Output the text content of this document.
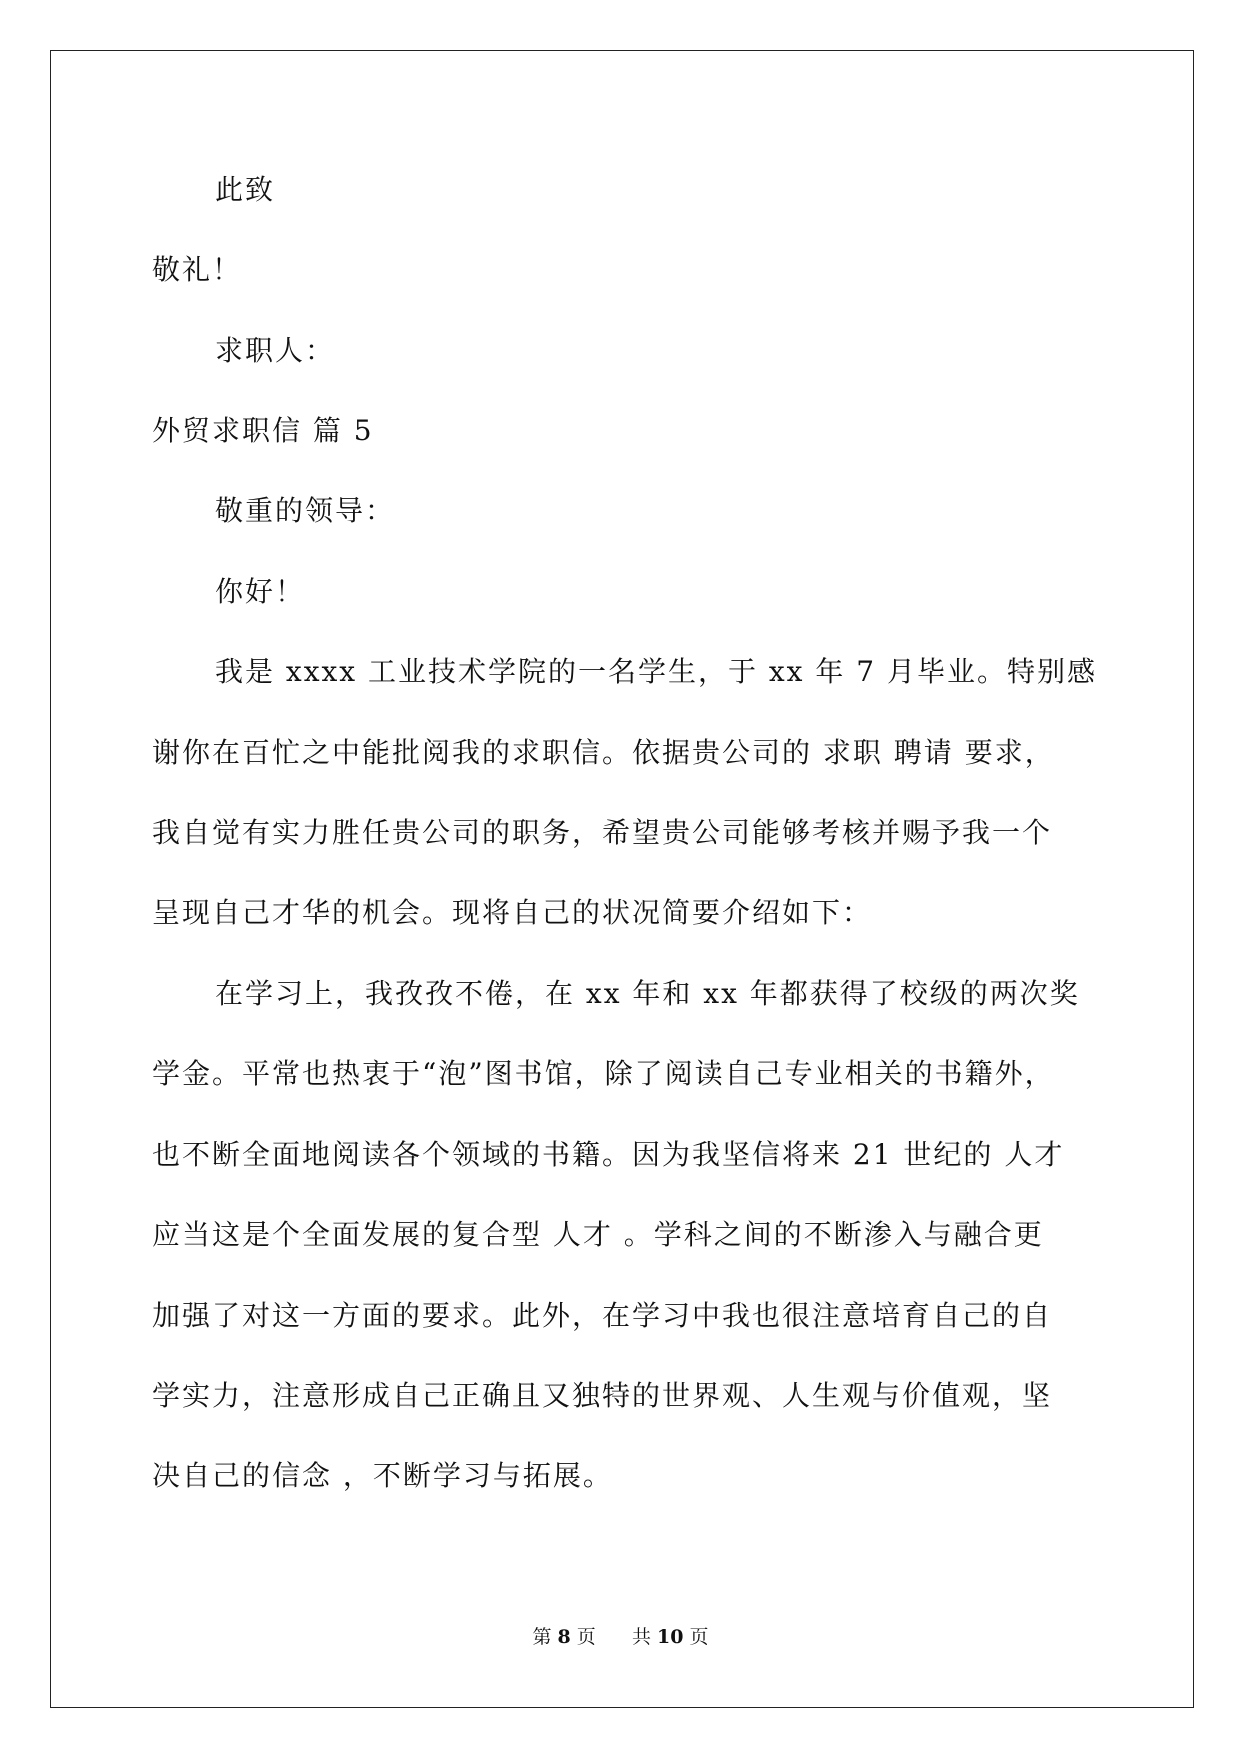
此致
敬礼！
求职人：
外贸求职信 篇 5
敬重的领导：
你好！
我是 xxxx 工业技术学院的一名学生，于 xx 年 7 月毕业。特别感
谢你在百忙之中能批阅我的求职信。依据贵公司的 求职 聘请 要求，
我自觉有实力胜任贵公司的职务，希望贵公司能够考核并赐予我一个
呈现自己才华的机会。现将自己的状况简要介绍如下：
在学习上，我孜孜不倦，在 xx 年和 xx 年都获得了校级的两次奖
学金。平常也热衷于“泡”图书馆，除了阅读自己专业相关的书籍外，
也不断全面地阅读各个领域的书籍。因为我坚信将来 21 世纪的 人才
应当这是个全面发展的复合型 人才 。学科之间的不断渗入与融合更
加强了对这一方面的要求。此外，在学习中我也很注意培育自己的自
学实力，注意形成自己正确且又独特的世界观、人生观与价值观，坚
决自己的信念 ，不断学习与拓展。
第 8 页 共 10 页
